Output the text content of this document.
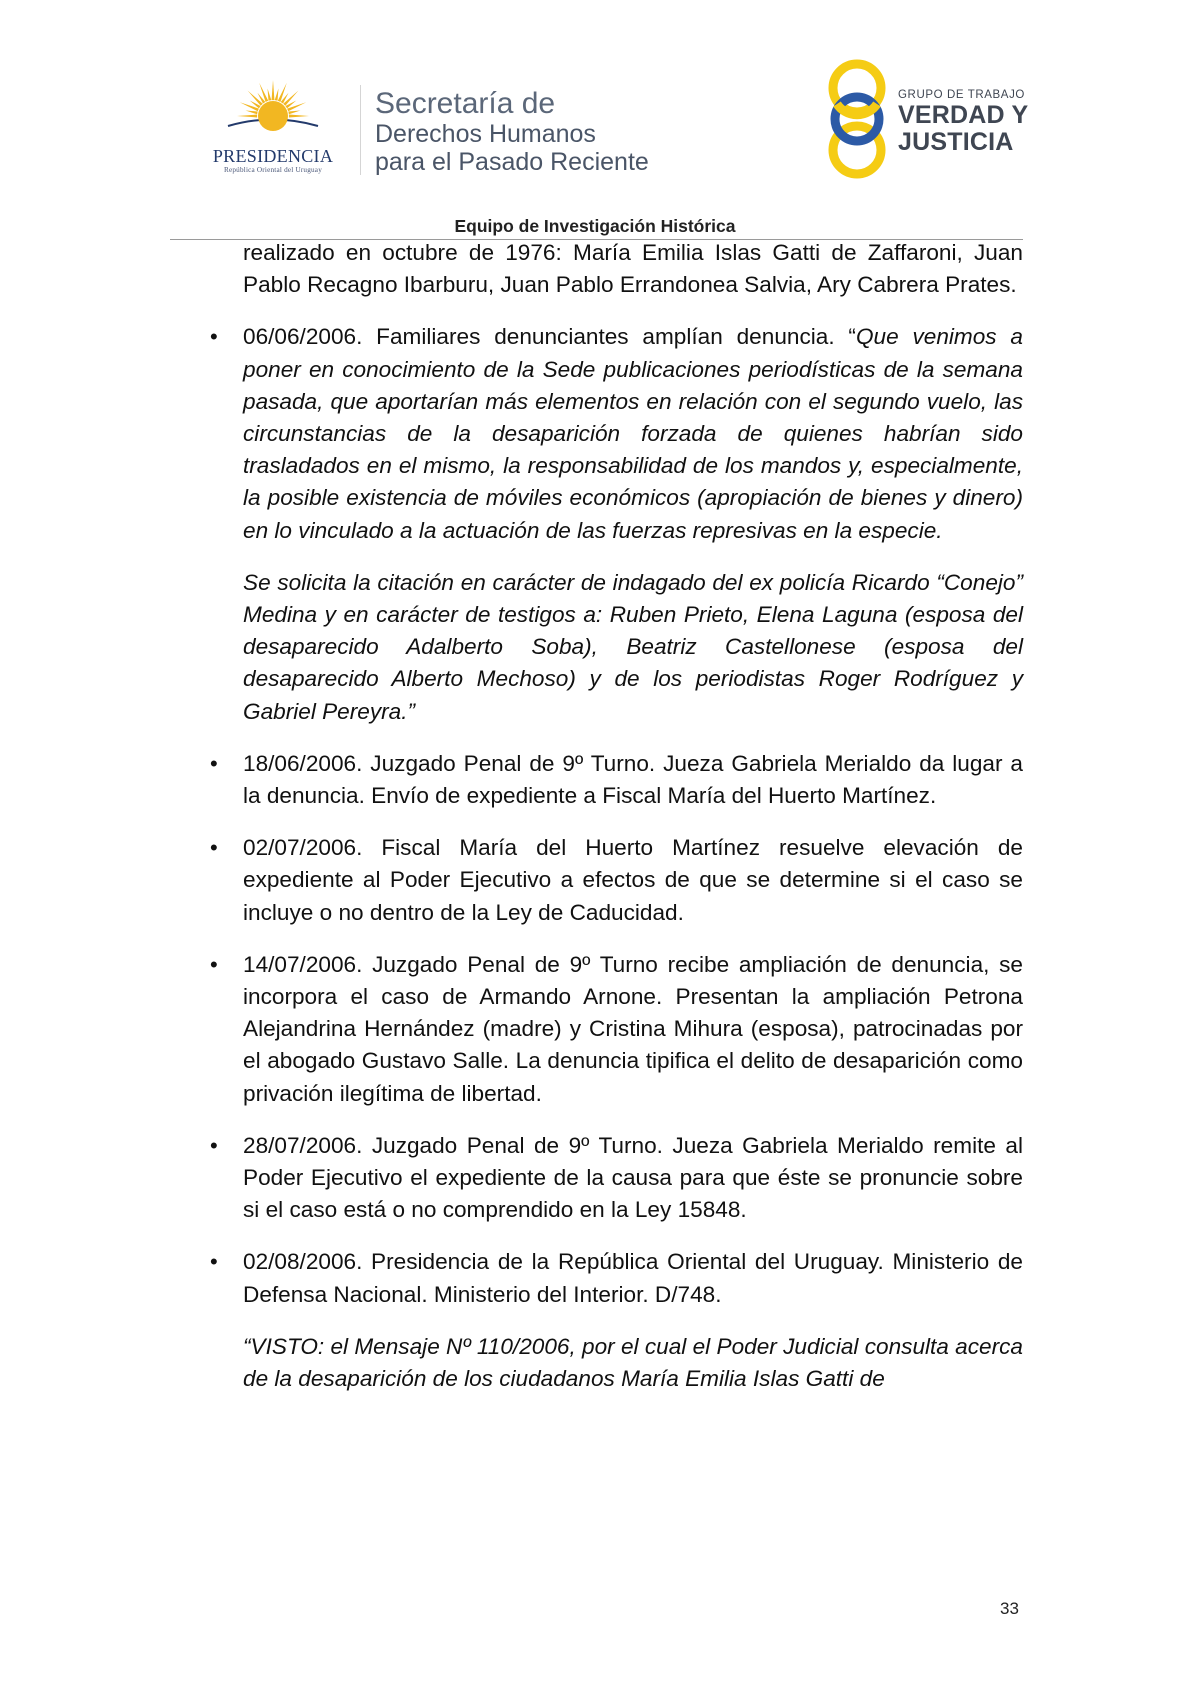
PRESIDENCIA
República Oriental del Uruguay
Secretaría de
Derechos Humanos
para el Pasado Reciente
GRUPO DE TRABAJO
VERDAD Y
JUSTICIA
Equipo de Investigación Histórica

realizado en octubre de 1976: María Emilia Islas Gatti de Zaffaroni, Juan Pablo Recagno Ibarburu, Juan Pablo Errandonea Salvia, Ary Cabrera Prates.

• 06/06/2006. Familiares denunciantes amplían denuncia. “Que venimos a poner en conocimiento de la Sede publicaciones periodísticas de la semana pasada, que aportarían más elementos en relación con el segundo vuelo, las circunstancias de la desaparición forzada de quienes habrían sido trasladados en el mismo, la responsabilidad de los mandos y, especialmente, la posible existencia de móviles económicos (apropiación de bienes y dinero) en lo vinculado a la actuación de las fuerzas represivas en la especie.

Se solicita la citación en carácter de indagado del ex policía Ricardo “Conejo” Medina y en carácter de testigos a: Ruben Prieto, Elena Laguna (esposa del desaparecido Adalberto Soba), Beatriz Castellonese (esposa del desaparecido Alberto Mechoso) y de los periodistas Roger Rodríguez y Gabriel Pereyra.”

• 18/06/2006. Juzgado Penal de 9º Turno. Jueza Gabriela Merialdo da lugar a la denuncia. Envío de expediente a Fiscal María del Huerto Martínez.

• 02/07/2006. Fiscal María del Huerto Martínez resuelve elevación de expediente al Poder Ejecutivo a efectos de que se determine si el caso se incluye o no dentro de la Ley de Caducidad.

• 14/07/2006. Juzgado Penal de 9º Turno recibe ampliación de denuncia, se incorpora el caso de Armando Arnone. Presentan la ampliación Petrona Alejandrina Hernández (madre) y Cristina Mihura (esposa), patrocinadas por el abogado Gustavo Salle. La denuncia tipifica el delito de desaparición como privación ilegítima de libertad.

• 28/07/2006. Juzgado Penal de 9º Turno. Jueza Gabriela Merialdo remite al Poder Ejecutivo el expediente de la causa para que éste se pronuncie sobre si el caso está o no comprendido en la Ley 15848.

• 02/08/2006. Presidencia de la República Oriental del Uruguay. Ministerio de Defensa Nacional. Ministerio del Interior. D/748.

“VISTO: el Mensaje Nº 110/2006, por el cual el Poder Judicial consulta acerca de la desaparición de los ciudadanos María Emilia Islas Gatti de

33
